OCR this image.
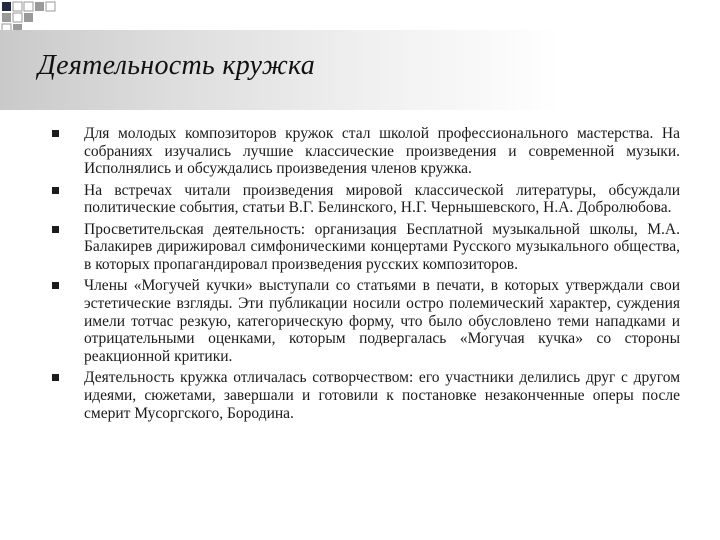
Деятельность кружка
Для молодых композиторов кружок стал школой профессионального мастерства. На собраниях изучались лучшие классические произведения и современной музыки. Исполнялись и обсуждались произведения членов кружка.
На встречах читали произведения мировой классической литературы, обсуждали политические события, статьи В.Г. Белинского, Н.Г. Чернышевского, Н.А. Добролюбова.
Просветительская деятельность: организация Бесплатной музыкальной школы, М.А. Балакирев дирижировал симфоническими концертами Русского музыкального общества, в которых пропагандировал произведения русских композиторов.
Члены «Могучей кучки» выступали со статьями в печати, в которых утверждали свои эстетические взгляды. Эти публикации носили остро полемический характер, суждения имели тотчас резкую, категорическую форму, что было обусловлено теми нападками и отрицательными оценками, которым подвергалась «Могучая кучка» со стороны реакционной критики.
Деятельность кружка отличалась сотворчеством: его участники делились друг с другом идеями, сюжетами, завершали и готовили к постановке незаконченные оперы после смерит Мусоргского, Бородина.
